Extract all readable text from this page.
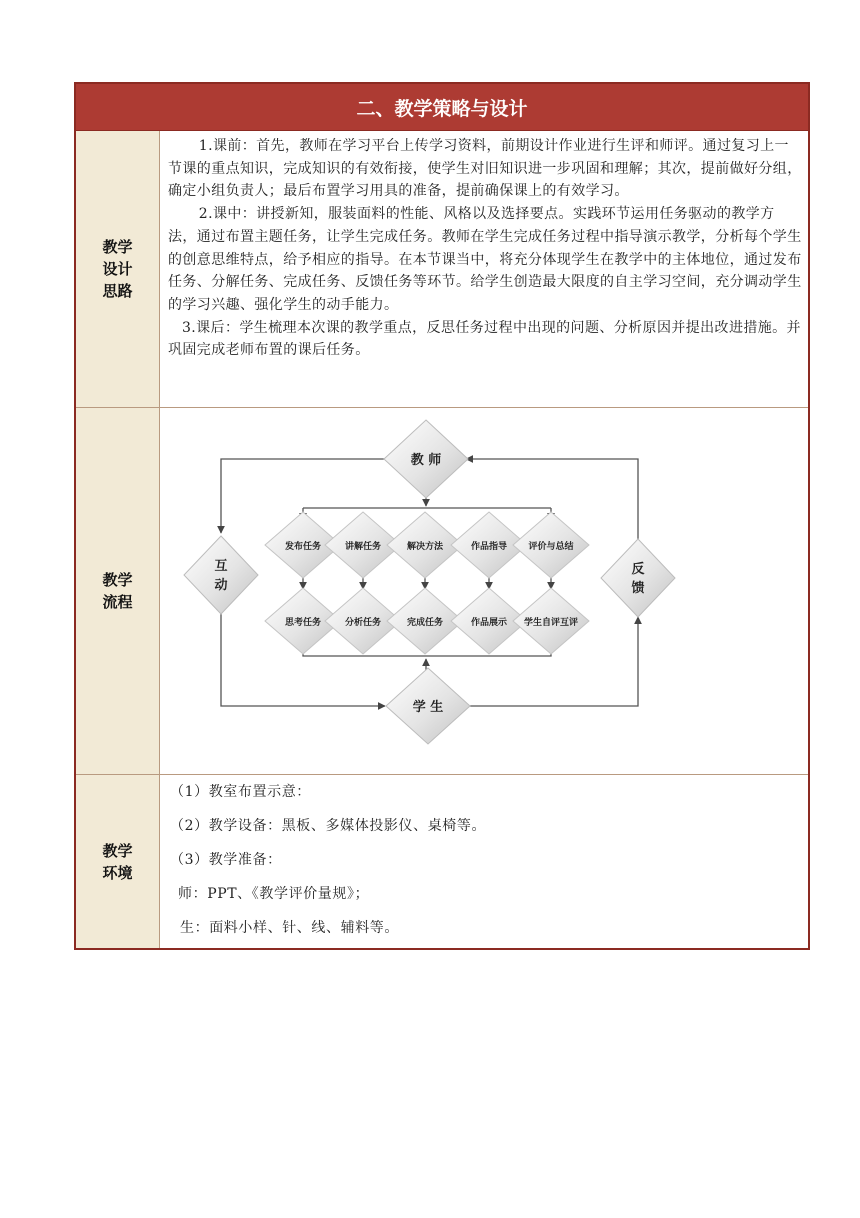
二、教学策略与设计
教学
设计
思路

1.课前：首先，教师在学习平台上传学习资料，前期设计作业进行生评和师评。通过复习上一节课的重点知识，完成知识的有效衔接，使学生对旧知识进一步巩固和理解；其次，提前做好分组，确定小组负责人；最后布置学习用具的准备，提前确保课上的有效学习。

2.课中：讲授新知，服装面料的性能、风格以及选择要点。实践环节运用任务驱动的教学方法，通过布置主题任务，让学生完成任务。教师在学生完成任务过程中指导演示教学，分析每个学生的创意思维特点，给予相应的指导。在本节课当中，将充分体现学生在教学中的主体地位，通过发布任务、分解任务、完成任务、反馈任务等环节。给学生创造最大限度的自主学习空间，充分调动学生的学习兴趣、强化学生的动手能力。

3.课后：学生梳理本次课的教学重点，反思任务过程中出现的问题、分析原因并提出改进措施。并巩固完成老师布置的课后任务。

教学
流程
教 师
学 生
互
动
反
馈
发布任务	讲解任务	解决方法	作品指导 评价与总结
思考任务	分析任务	完成任务	作品展示 学生自评互评
教学
环境
（1）教室布置示意：
（2）教学设备：黑板、多媒体投影仪、桌椅等。
（3）教学准备：
师：PPT、《教学评价量规》；
生：面料小样、针、线、辅料等。
